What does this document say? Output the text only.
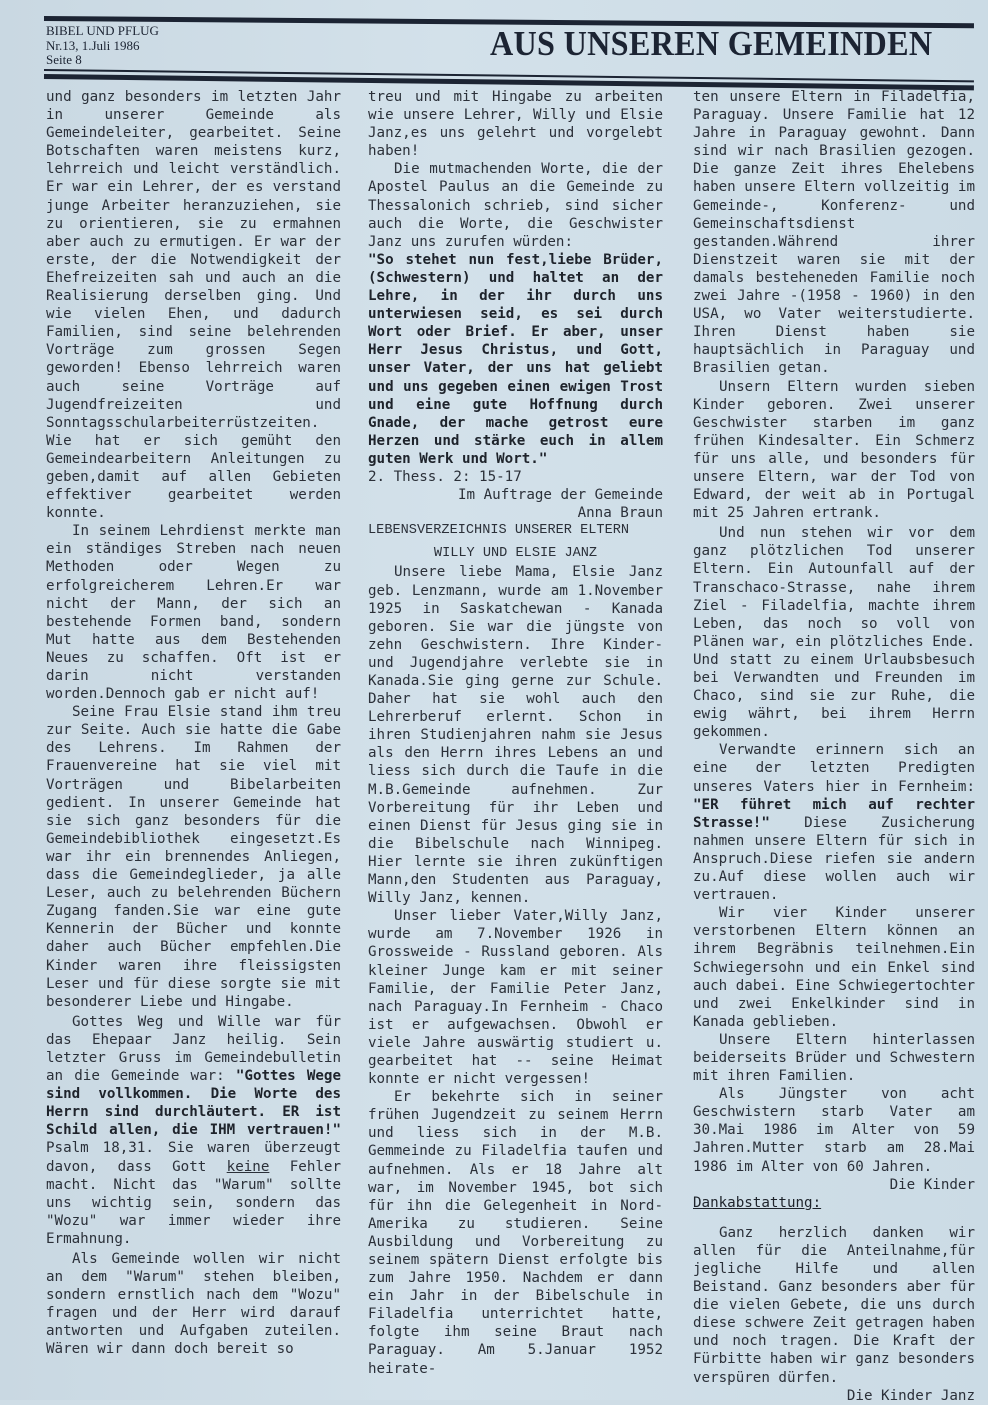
BIBEL UND PFLUG
Nr.13, 1.Juli 1986
Seite 8	AUS UNSEREN GEMEINDEN

und ganz besonders im letzten Jahr in unserer Gemeinde als Gemeindeleiter, gearbeitet. Seine Botschaften waren meistens kurz, lehrreich und leicht verständlich. Er war ein Lehrer, der es verstand junge Arbeiter heranzuziehen, sie zu orientieren, sie zu ermahnen aber auch zu ermutigen. Er war der erste, der die Notwendigkeit der Ehefreizeiten sah und auch an die Realisierung derselben ging. Und wie vielen Ehen, und dadurch Familien, sind seine belehrenden Vorträge zum grossen Segen geworden! Ebenso lehrreich waren auch seine Vorträge auf Jugendfreizeiten und Sonntagsschularbeiterrüstzeiten. Wie hat er sich gemüht den Gemeindearbeitern Anleitungen zu geben,damit auf allen Gebieten effektiver gearbeitet werden konnte.

In seinem Lehrdienst merkte man ein ständiges Streben nach neuen Methoden oder Wegen zu erfolgreicherem Lehren.Er war nicht der Mann, der sich an bestehende Formen band, sondern Mut hatte aus dem Bestehenden Neues zu schaffen. Oft ist er darin nicht verstanden worden.Dennoch gab er nicht auf!

Seine Frau Elsie stand ihm treu zur Seite. Auch sie hatte die Gabe des Lehrens. Im Rahmen der Frauenvereine hat sie viel mit Vorträgen und Bibelarbeiten gedient. In unserer Gemeinde hat sie sich ganz besonders für die Gemeindebibliothek eingesetzt.Es war ihr ein brennendes Anliegen, dass die Gemeindeglieder, ja alle Leser, auch zu belehrenden Büchern Zugang fanden.Sie war eine gute Kennerin der Bücher und konnte daher auch Bücher empfehlen.Die Kinder waren ihre fleissigsten Leser und für diese sorgte sie mit besonderer Liebe und Hingabe.

Gottes Weg und Wille war für das Ehepaar Janz heilig. Sein letzter Gruss im Gemeindebulletin an die Gemeinde war: "Gottes Wege sind vollkommen. Die Worte des Herrn sind durchläutert. ER ist Schild allen, die IHM vertrauen!" Psalm 18,31. Sie waren überzeugt davon, dass Gott keine Fehler macht. Nicht das "Warum" sollte uns wichtig sein, sondern das "Wozu" war immer wieder ihre Ermahnung.

Als Gemeinde wollen wir nicht an dem "Warum" stehen bleiben, sondern ernstlich nach dem "Wozu" fragen und der Herr wird darauf antworten und Aufgaben zuteilen. Wären wir dann doch bereit so

treu und mit Hingabe zu arbeiten wie unsere Lehrer, Willy und Elsie Janz,es uns gelehrt und vorgelebt haben!

Die mutmachenden Worte, die der Apostel Paulus an die Gemeinde zu Thessalonich schrieb, sind sicher auch die Worte, die Geschwister Janz uns zurufen würden:

"So stehet nun fest,liebe Brüder, (Schwestern) und haltet an der Lehre, in der ihr durch uns unterwiesen seid, es sei durch Wort oder Brief. Er aber, unser Herr Jesus Christus, und Gott, unser Vater, der uns hat geliebt und uns gegeben einen ewigen Trost und eine gute Hoffnung durch Gnade, der mache getrost eure Herzen und stärke euch in allem guten Werk und Wort."

2. Thess. 2: 15-17

Im Auftrage der Gemeinde

Anna Braun

LEBENSVERZEICHNIS UNSERER ELTERN

WILLY UND ELSIE JANZ

Unsere liebe Mama, Elsie Janz geb. Lenzmann, wurde am 1.November 1925 in Saskatchewan - Kanada geboren. Sie war die jüngste von zehn Geschwistern. Ihre Kinder- und Jugendjahre verlebte sie in Kanada.Sie ging gerne zur Schule. Daher hat sie wohl auch den Lehrerberuf erlernt. Schon in ihren Studienjahren nahm sie Jesus als den Herrn ihres Lebens an und liess sich durch die Taufe in die M.B.Gemeinde aufnehmen. Zur Vorbereitung für ihr Leben und einen Dienst für Jesus ging sie in die Bibelschule nach Winnipeg. Hier lernte sie ihren zukünftigen Mann,den Studenten aus Paraguay, Willy Janz, kennen.

Unser lieber Vater,Willy Janz, wurde am 7.November 1926 in Grossweide - Russland geboren. Als kleiner Junge kam er mit seiner Familie, der Familie Peter Janz, nach Paraguay.In Fernheim - Chaco ist er aufgewachsen. Obwohl er viele Jahre auswärtig studiert u. gearbeitet hat -- seine Heimat konnte er nicht vergessen!

Er bekehrte sich in seiner frühen Jugendzeit zu seinem Herrn und liess sich in der M.B. Gemmeinde zu Filadelfia taufen und aufnehmen. Als er 18 Jahre alt war, im November 1945, bot sich für ihn die Gelegenheit in Nord-Amerika zu studieren. Seine Ausbildung und Vorbereitung zu seinem spätern Dienst erfolgte bis zum Jahre 1950. Nachdem er dann ein Jahr in der Bibelschule in Filadelfia unterrichtet hatte, folgte ihm seine Braut nach Paraguay. Am 5.Januar 1952 heirate-

ten unsere Eltern in Filadelfia, Paraguay. Unsere Familie hat 12 Jahre in Paraguay gewohnt. Dann sind wir nach Brasilien gezogen. Die ganze Zeit ihres Ehelebens haben unsere Eltern vollzeitig im Gemeinde-, Konferenz- und Gemeinschaftsdienst gestanden.Während ihrer Dienstzeit waren sie mit der damals besteheneden Familie noch zwei Jahre -(1958 - 1960) in den USA, wo Vater weiterstudierte. Ihren Dienst haben sie hauptsächlich in Paraguay und Brasilien getan.

Unsern Eltern wurden sieben Kinder geboren. Zwei unserer Geschwister starben im ganz frühen Kindesalter. Ein Schmerz für uns alle, und besonders für unsere Eltern, war der Tod von Edward, der weit ab in Portugal mit 25 Jahren ertrank.

Und nun stehen wir vor dem ganz plötzlichen Tod unserer Eltern. Ein Autounfall auf der Transchaco-Strasse, nahe ihrem Ziel - Filadelfia, machte ihrem Leben, das noch so voll von Plänen war, ein plötzliches Ende. Und statt zu einem Urlaubsbesuch bei Verwandten und Freunden im Chaco, sind sie zur Ruhe, die ewig währt, bei ihrem Herrn gekommen.

Verwandte erinnern sich an eine der letzten Predigten unseres Vaters hier in Fernheim: "ER führet mich auf rechter Strasse!" Diese Zusicherung nahmen unsere Eltern für sich in Anspruch.Diese riefen sie andern zu.Auf diese wollen auch wir vertrauen.

Wir vier Kinder unserer verstorbenen Eltern können an ihrem Begräbnis teilnehmen.Ein Schwiegersohn und ein Enkel sind auch dabei. Eine Schwiegertochter und zwei Enkelkinder sind in Kanada geblieben.

Unsere Eltern hinterlassen beiderseits Brüder und Schwestern mit ihren Familien.

Als Jüngster von acht Geschwistern starb Vater am 30.Mai 1986 im Alter von 59 Jahren.Mutter starb am 28.Mai 1986 im Alter von 60 Jahren.

Die Kinder

Dankabstattung:

Ganz herzlich danken wir allen für die Anteilnahme,für jegliche Hilfe und allen Beistand. Ganz besonders aber für die vielen Gebete, die uns durch diese schwere Zeit getragen haben und noch tragen. Die Kraft der Fürbitte haben wir ganz besonders verspüren dürfen.

Die Kinder Janz
